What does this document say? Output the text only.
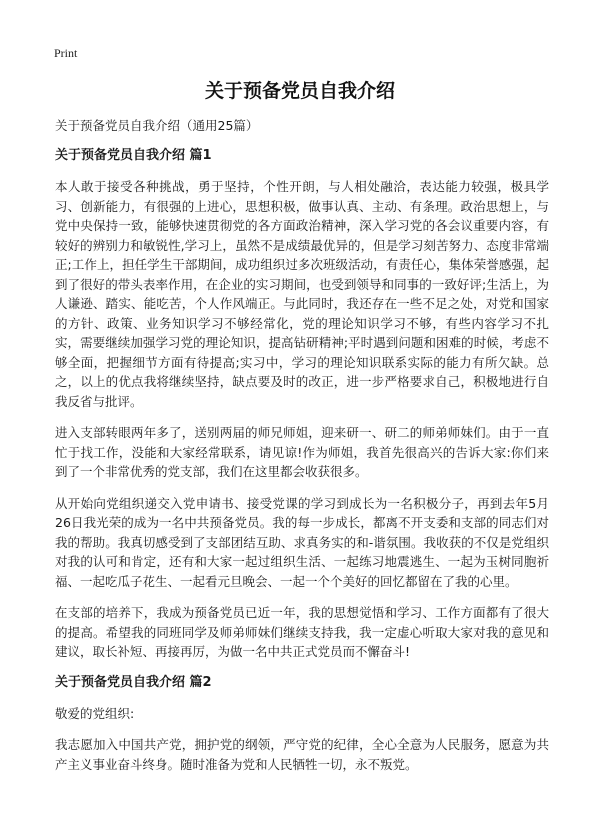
Print
关于预备党员自我介绍
关于预备党员自我介绍（通用25篇）
关于预备党员自我介绍 篇1

本人敢于接受各种挑战，勇于坚持，个性开朗，与人相处融洽，表达能力较强，极具学习、创新能力，有很强的上进心，思想积极，做事认真、主动、有条理。政治思想上，与党中央保持一致，能够快速贯彻党的各方面政治精神，深入学习党的各会议重要内容，有较好的辨别力和敏锐性,学习上，虽然不是成绩最优异的，但是学习刻苦努力、态度非常端正;工作上，担任学生干部期间，成功组织过多次班级活动，有责任心，集体荣誉感强，起到了很好的带头表率作用，在企业的实习期间，也受到领导和同事的一致好评;生活上，为人谦逊、踏实、能吃苦，个人作风端正。与此同时，我还存在一些不足之处，对党和国家的方针、政策、业务知识学习不够经常化，党的理论知识学习不够，有些内容学习不扎实，需要继续加强学习党的理论知识，提高钻研精神;平时遇到问题和困难的时候，考虑不够全面，把握细节方面有待提高;实习中，学习的理论知识联系实际的能力有所欠缺。总之，以上的优点我将继续坚持，缺点要及时的改正，进一步严格要求自己，积极地进行自我反省与批评。

进入支部转眼两年多了，送别两届的师兄师姐，迎来研一、研二的师弟师妹们。由于一直忙于找工作，没能和大家经常联系，请见谅!作为师姐，我首先很高兴的告诉大家:你们来到了一个非常优秀的党支部，我们在这里都会收获很多。

从开始向党组织递交入党申请书、接受党课的学习到成长为一名积极分子，再到去年5月26日我光荣的成为一名中共预备党员。我的每一步成长，都离不开支委和支部的同志们对我的帮助。我真切感受到了支部团结互助、求真务实的和-谐氛围。我收获的不仅是党组织对我的认可和肯定，还有和大家一起过组织生活、一起练习地震逃生、一起为玉树同胞祈福、一起吃瓜子花生、一起看元旦晚会、一起一个个美好的回忆都留在了我的心里。

在支部的培养下，我成为预备党员已近一年，我的思想觉悟和学习、工作方面都有了很大的提高。希望我的同班同学及师弟师妹们继续支持我，我一定虚心听取大家对我的意见和建议，取长补短、再接再厉，为做一名中共正式党员而不懈奋斗!

关于预备党员自我介绍 篇2

敬爱的党组织:

我志愿加入中国共产党，拥护党的纲领，严守党的纪律，全心全意为人民服务，愿意为共产主义事业奋斗终身。随时准备为党和人民牺牲一切，永不叛党。
